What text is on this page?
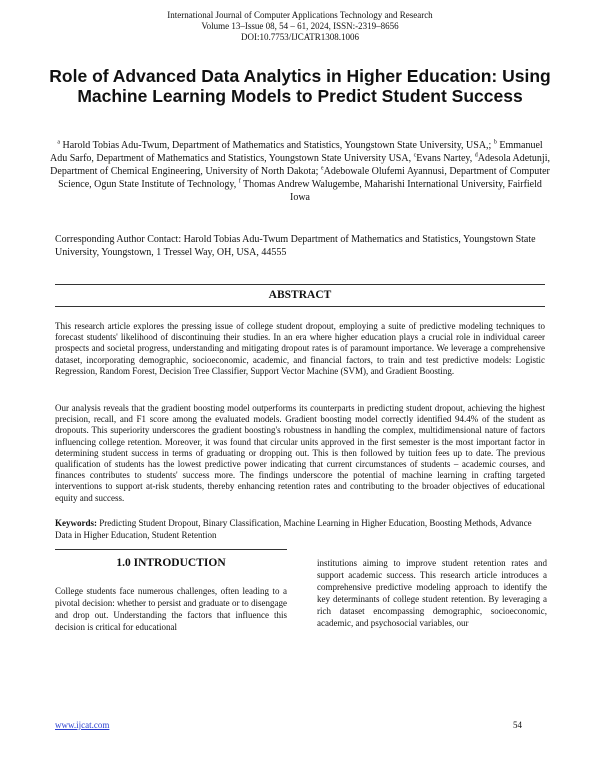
International Journal of Computer Applications Technology and Research
Volume 13–Issue 08, 54 – 61, 2024, ISSN:-2319–8656
DOI:10.7753/IJCATR1308.1006
Role of Advanced Data Analytics in Higher Education: Using Machine Learning Models to Predict Student Success
$^a$ Harold Tobias Adu-Twum, Department of Mathematics and Statistics, Youngstown State University, USA,; $^b$ Emmanuel Adu Sarfo, Department of Mathematics and Statistics, Youngstown State University USA, $^c$Evans Nartey, $^d$Adesola Adetunji, Department of Chemical Engineering, University of North Dakota; $^e$Adebowale Olufemi Ayannusi, Department of Computer Science, Ogun State Institute of Technology, $^f$ Thomas Andrew Walugembe, Maharishi International University, Fairfield Iowa
Corresponding Author Contact: Harold Tobias Adu-Twum Department of Mathematics and Statistics, Youngstown State University, Youngstown, 1 Tressel Way, OH, USA, 44555
ABSTRACT
This research article explores the pressing issue of college student dropout, employing a suite of predictive modeling techniques to forecast students' likelihood of discontinuing their studies. In an era where higher education plays a crucial role in individual career prospects and societal progress, understanding and mitigating dropout rates is of paramount importance. We leverage a comprehensive dataset, incorporating demographic, socioeconomic, academic, and financial factors, to train and test predictive models: Logistic Regression, Random Forest, Decision Tree Classifier, Support Vector Machine (SVM), and Gradient Boosting.
Our analysis reveals that the gradient boosting model outperforms its counterparts in predicting student dropout, achieving the highest precision, recall, and F1 score among the evaluated models. Gradient boosting model correctly identified 94.4% of the student as dropouts. This superiority underscores the gradient boosting's robustness in handling the complex, multidimensional nature of factors influencing college retention. Moreover, it was found that circular units approved in the first semester is the most important factor in determining student success in terms of graduating or dropping out. This is then followed by tuition fees up to date. The previous qualification of students has the lowest predictive power indicating that current circumstances of students – academic courses, and finances contributes to students' success more. The findings underscore the potential of machine learning in crafting targeted interventions to support at-risk students, thereby enhancing retention rates and contributing to the broader objectives of educational equity and success.
Keywords: Predicting Student Dropout, Binary Classification, Machine Learning in Higher Education, Boosting Methods, Advance Data in Higher Education, Student Retention
1.0 INTRODUCTION
College students face numerous challenges, often leading to a pivotal decision: whether to persist and graduate or to disengage and drop out. Understanding the factors that influence this decision is critical for educational
institutions aiming to improve student retention rates and support academic success. This research article introduces a comprehensive predictive modeling approach to identify the key determinants of college student retention. By leveraging a rich dataset encompassing demographic, socioeconomic, academic, and psychosocial variables, our
www.ijcat.com	54
